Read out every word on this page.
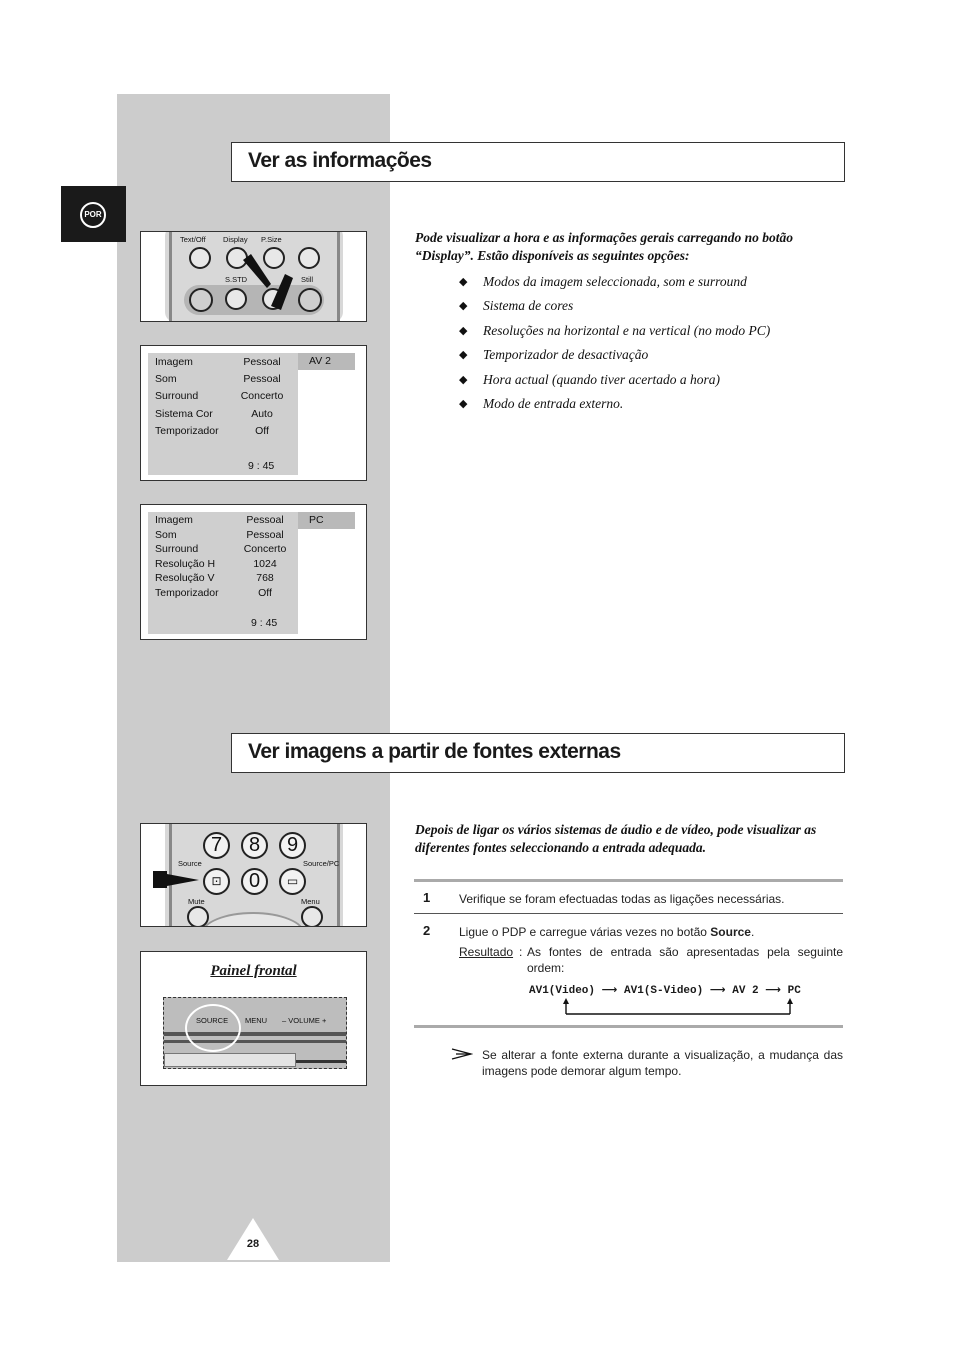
POR
Ver as informações
Text/Off Display P.Size
S.STD	Still
AV 2
Imagem	Pessoal
Som	Pessoal
Surround	Concerto
Sistema Cor	Auto
Temporizador	Off
9 : 45
PC
Imagem	Pessoal
Som	Pessoal
Surround	Concerto
Resolução H	1024
Resolução V	768
Temporizador	Off
9 : 45
Pode visualizar a hora e as informações gerais carregando no botão “Display”. Estão disponíveis as seguintes opções:
◆ Modos da imagem seleccionada, som e surround
◆ Sistema de cores
◆ Resoluções na horizontal e na vertical (no modo PC)
◆ Temporizador de desactivação
◆ Hora actual (quando tiver acertado a hora)
◆ Modo de entrada externo.
Ver imagens a partir de fontes externas
7	8	9
Source	Source/PC
⊡	0	▭
Mute	Menu
Painel frontal
SOURCE MENU – VOLUME +
Depois de ligar os vários sistemas de áudio e de vídeo, pode visualizar as diferentes fontes seleccionando a entrada adequada.
1 Verifique se foram efectuadas todas as ligações necessárias.
2 Ligue o PDP e carregue várias vezes no botão Source.
Resultado : As fontes de entrada são apresentadas pela seguinte ordem:
AV1(Video) ⟶ AV1(S-Video) ⟶ AV 2 ⟶ PC
Se alterar a fonte externa durante a visualização, a mudança das imagens pode demorar algum tempo.
28
